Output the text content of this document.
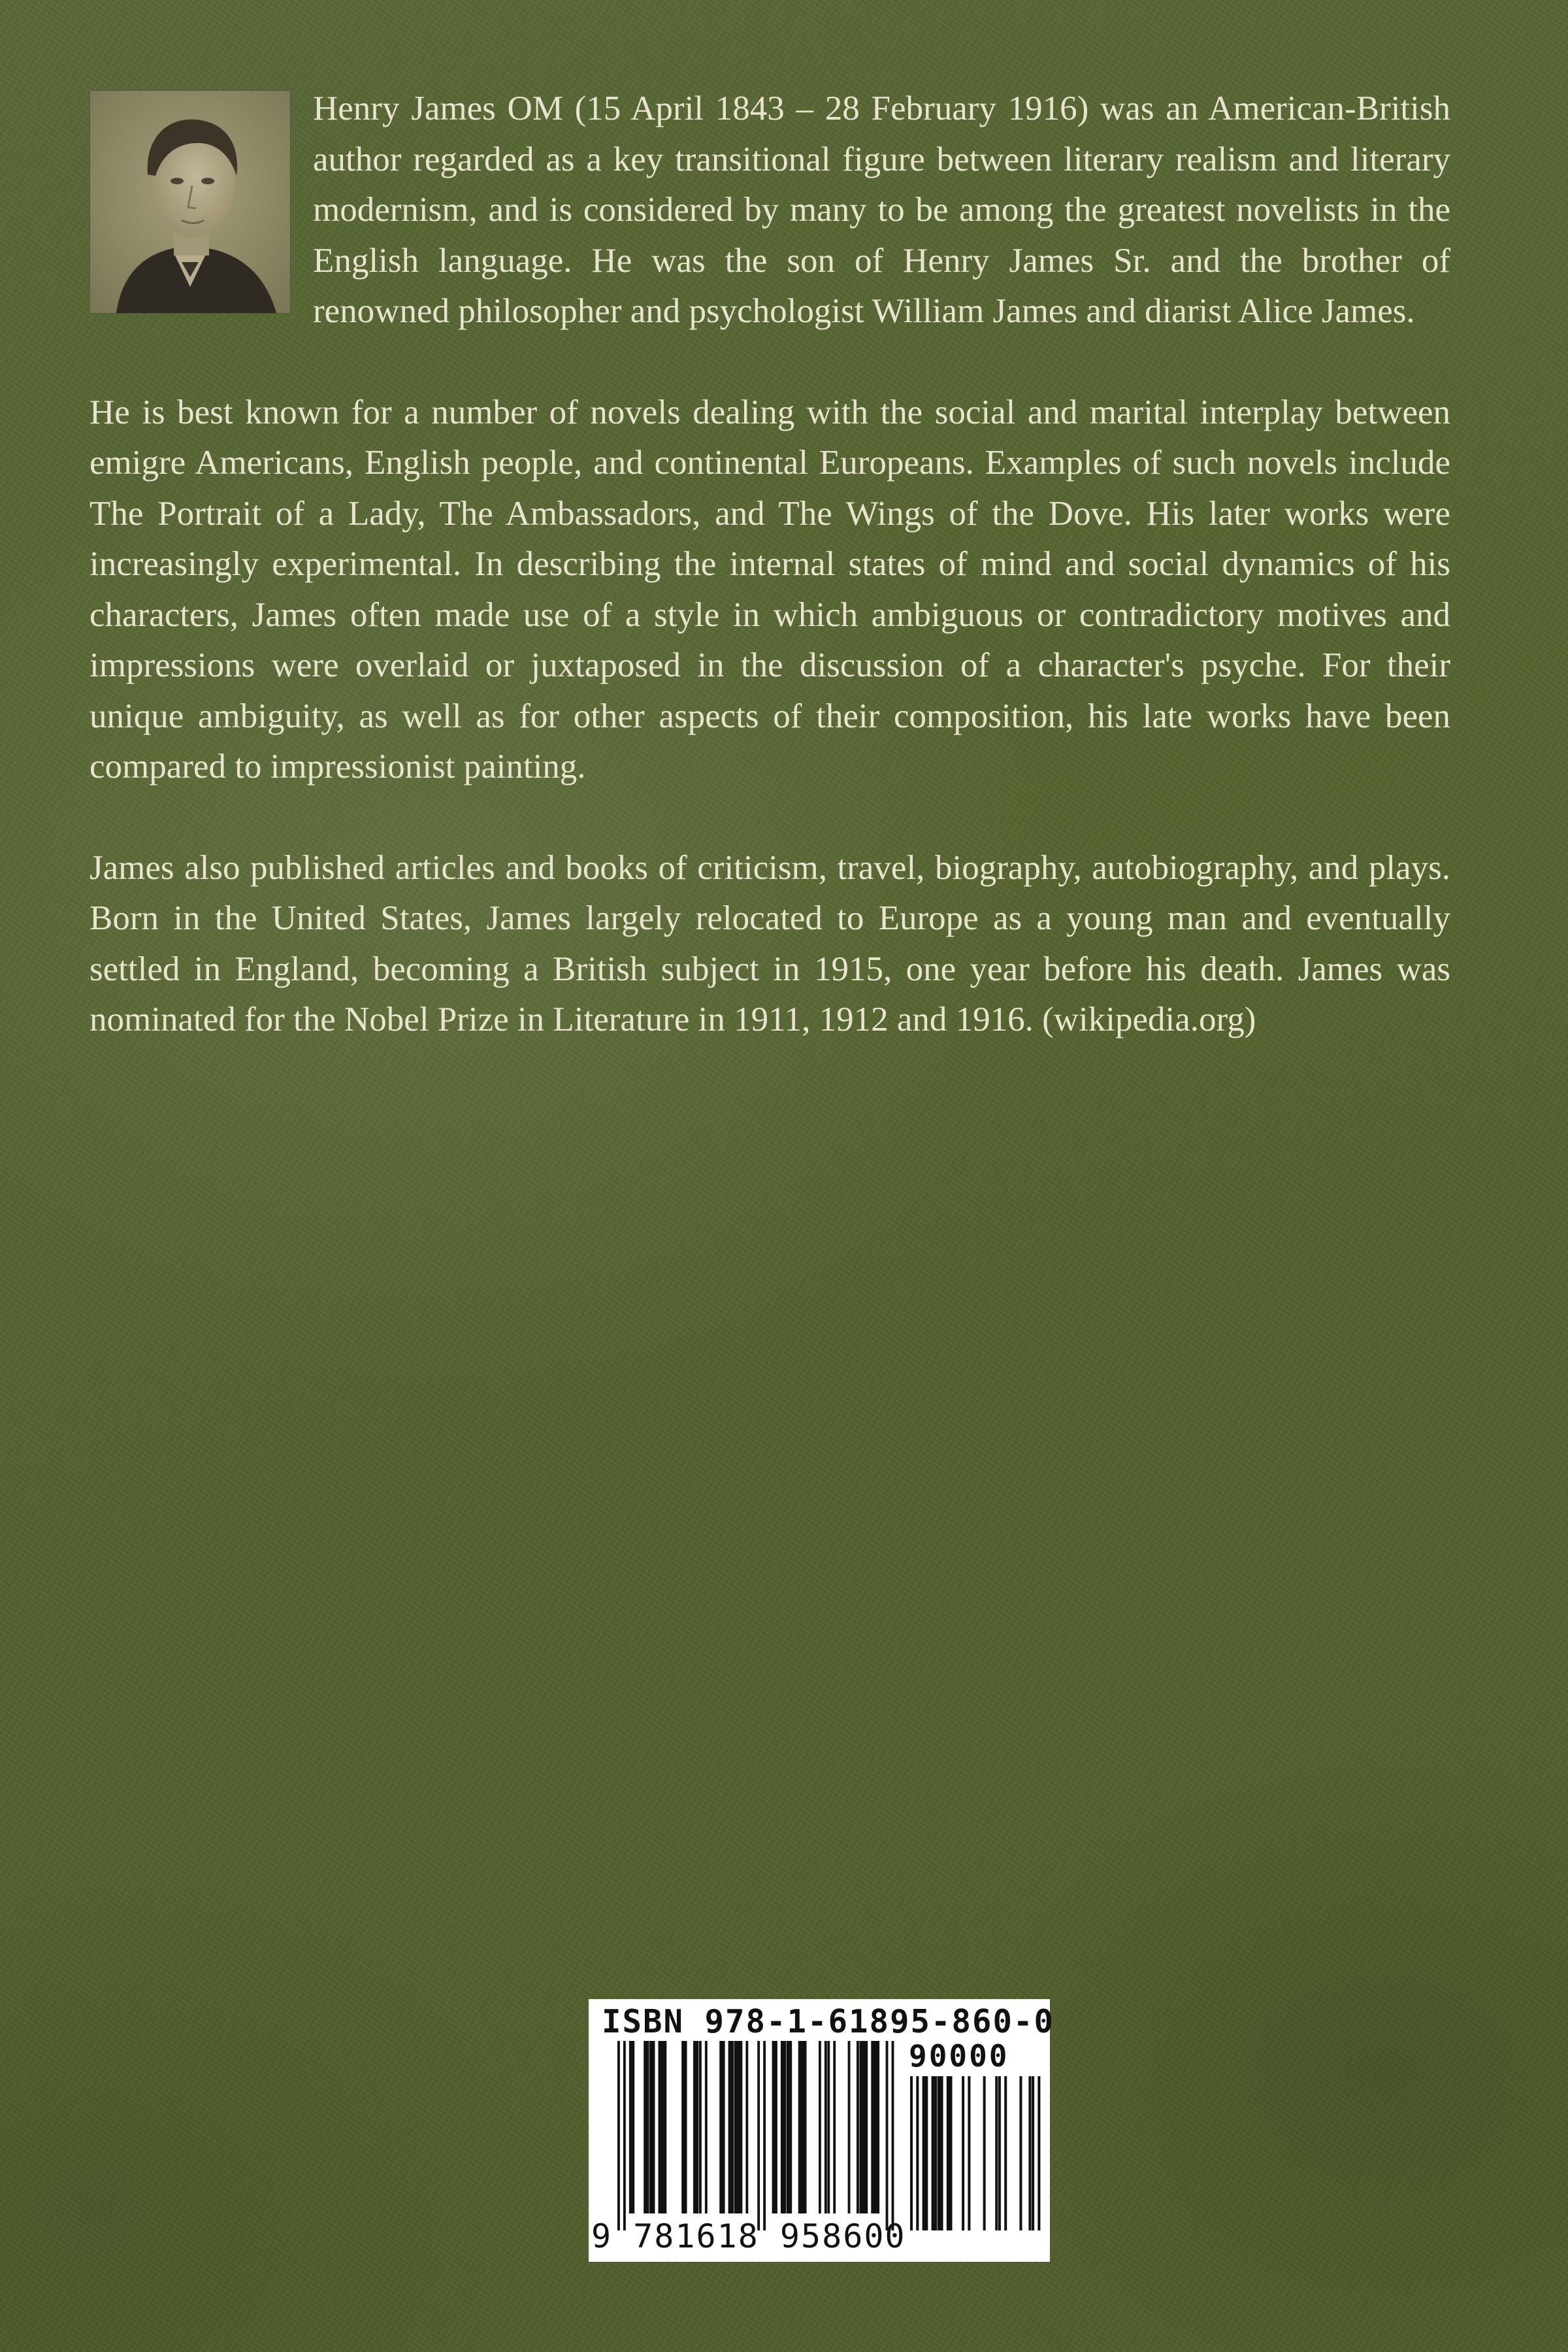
Henry James OM (15 April 1843 – 28 February 1916) was an American-British author regarded as a key transitional figure between literary realism and literary modernism, and is considered by many to be among the greatest novelists in the English language. He was the son of Henry James Sr. and the brother of renowned philosopher and psychologist William James and diarist Alice James.

He is best known for a number of novels dealing with the social and marital interplay between emigre Americans, English people, and continental Europeans. Examples of such novels include The Portrait of a Lady, The Ambassadors, and The Wings of the Dove. His later works were increasingly experimental. In describing the internal states of mind and social dynamics of his characters, James often made use of a style in which ambiguous or contradictory motives and impressions were overlaid or juxtaposed in the discussion of a character's psyche. For their unique ambiguity, as well as for other aspects of their composition, his late works have been compared to impressionist painting.

James also published articles and books of criticism, travel, biography, autobiography, and plays. Born in the United States, James largely relocated to Europe as a young man and eventually settled in England, becoming a British subject in 1915, one year before his death. James was nominated for the Nobel Prize in Literature in 1911, 1912 and 1916. (wikipedia.org)

ISBN 978-1-61895-860-0
90000
9 781618 958600
